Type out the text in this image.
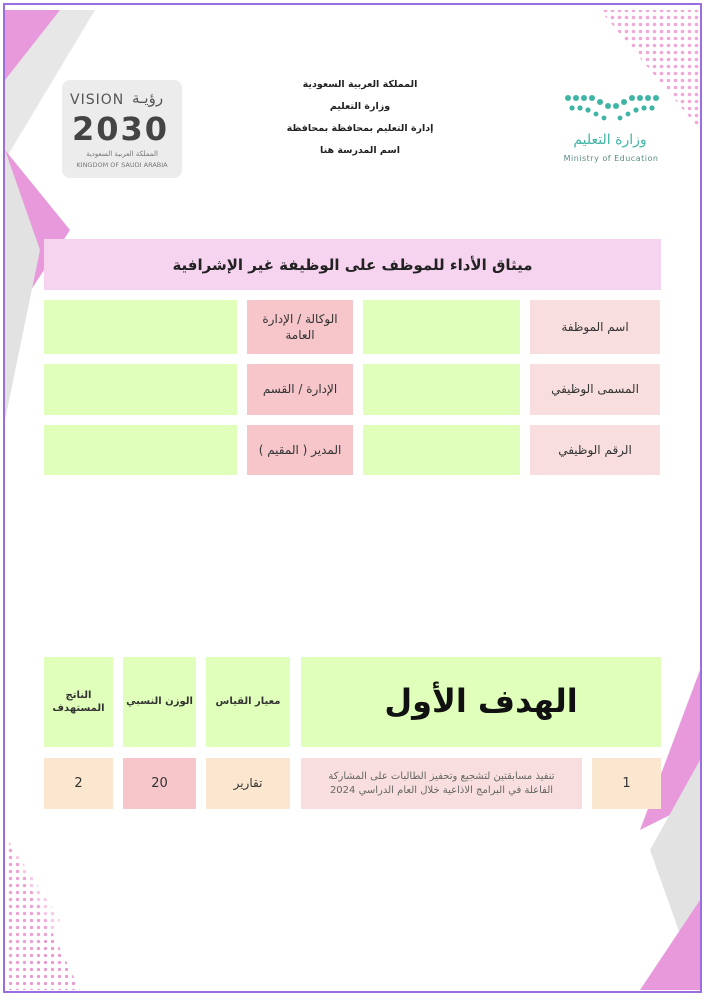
VISION رؤيـة
2030
المملكة العربية السعودية
KINGDOM OF SAUDI ARABIA
المملكة العربية السعودية
وزارة التعليم
إدارة التعليم بمحافظة بمحافظة
اسم المدرسة هنا
وزارة التعليم
Ministry of Education
ميثاق الأداء للموظف على الوظيفة غير الإشرافية
اسم الموظفة
الوكالة / الإدارة العامة
المسمى الوظيفي
الإدارة / القسم
الرقم الوظيفي
المدير ( المقيم )
الهدف الأول
معيار القياس
الوزن النسبي
الناتج المستهدف
1
تنفيذ مسابقتين لتشجيع وتحفيز الطالبات على المشاركة الفاعلة في البرامج الاذاعية خلال العام الدراسي 2024
تقارير
20
2
